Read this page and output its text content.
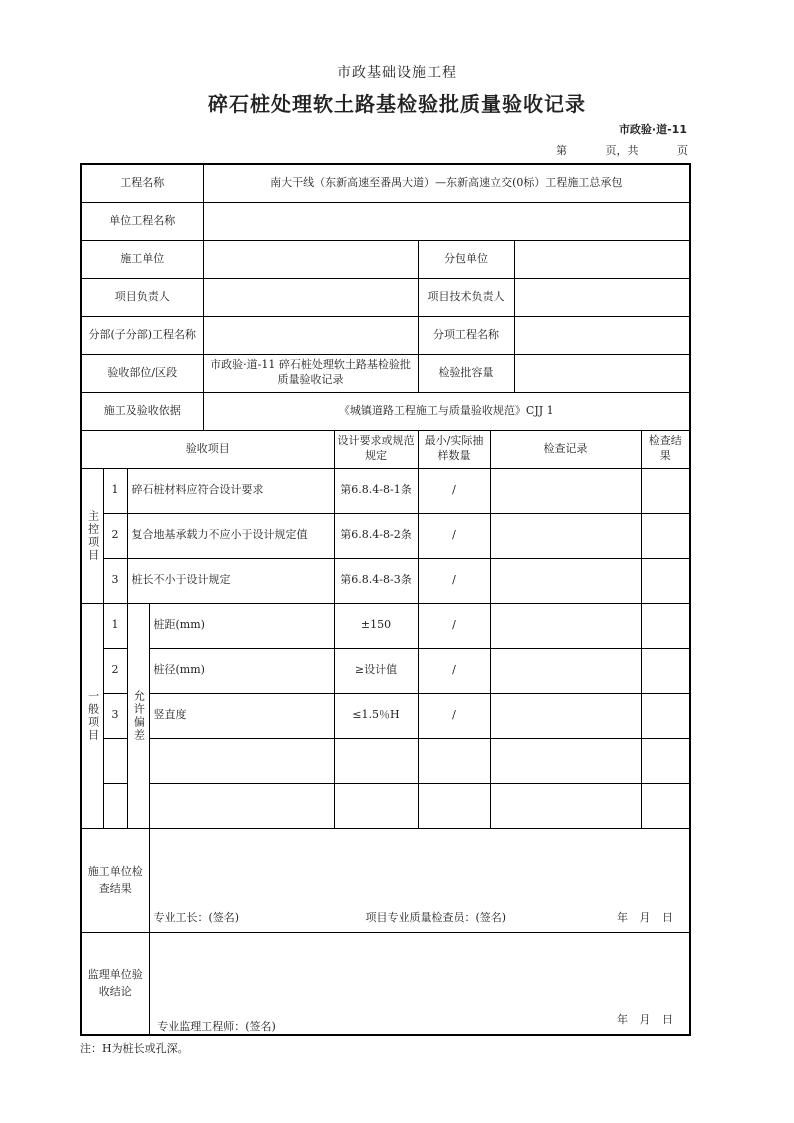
市政基础设施工程
碎石桩处理软土路基检验批质量验收记录
市政验·道-11
第	页，共	页
工程名称				南大干线（东新高速至番禺大道）—东新高速立交(0标）工程施工总承包					
单位工程名称									
施工单位						分包单位			
项目负责人						项目技术负责人			
分部(子分部)工程名称						分项工程名称			
验收部位/区段				市政验·道-11 碎石桩处理软土路基检验批质量验收记录		检验批容量			
施工及验收依据				《城镇道路工程施工与质量验收规范》CJJ 1					
验收项目					设计要求或规范规定	最小/实际抽样数量	检查记录		检查结果

主控项目	1	碎石桩材料应符合设计要求			第6.8.4-8-1条	/			
	2	复合地基承载力不应小于设计规定值			第6.8.4-8-2条	/			
	3	桩长不小于设计规定			第6.8.4-8-3条	/			

一般项目	1	允许偏差	桩距(mm)		±150	/			
	2		桩径(mm)		≥设计值	/			
	3		竖直度		≤1.5％H	/			

施工单位检查结果			专业工长：(签名) 项目专业质量检查员：(签名) 年 月 日						

监理单位验收结论			专业监理工程师：(签名) 年 月 日						
注：H为桩长或孔深。
